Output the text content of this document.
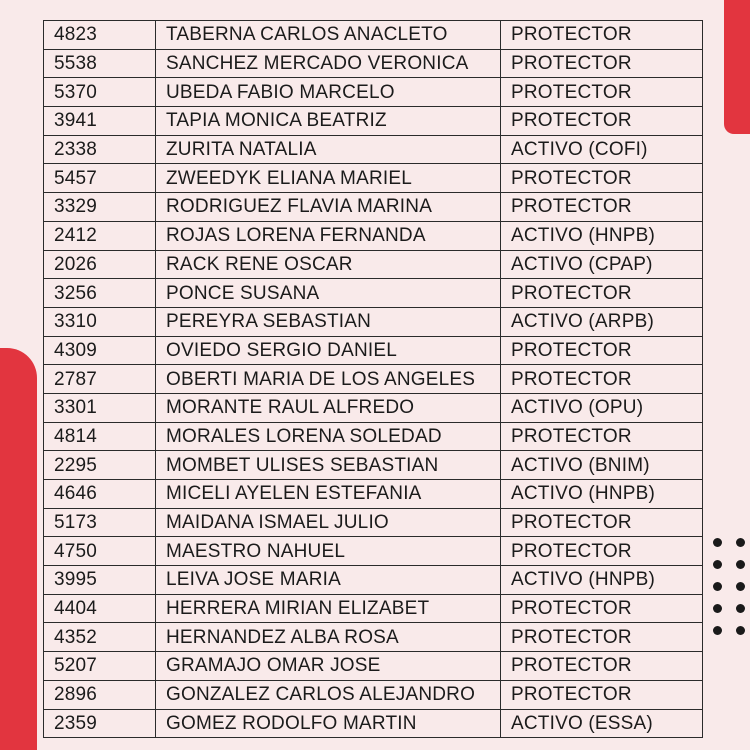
4823	TABERNA CARLOS ANACLETO	PROTECTOR
5538	SANCHEZ MERCADO VERONICA	PROTECTOR
5370	UBEDA FABIO MARCELO	PROTECTOR
3941	TAPIA MONICA BEATRIZ	PROTECTOR
2338	ZURITA NATALIA	ACTIVO (COFI)
5457	ZWEEDYK ELIANA MARIEL	PROTECTOR
3329	RODRIGUEZ FLAVIA MARINA	PROTECTOR
2412	ROJAS LORENA FERNANDA	ACTIVO (HNPB)
2026	RACK RENE OSCAR	ACTIVO (CPAP)
3256	PONCE SUSANA	PROTECTOR
3310	PEREYRA SEBASTIAN	ACTIVO (ARPB)
4309	OVIEDO SERGIO DANIEL	PROTECTOR
2787	OBERTI MARIA DE LOS ANGELES	PROTECTOR
3301	MORANTE RAUL ALFREDO	ACTIVO (OPU)
4814	MORALES LORENA SOLEDAD	PROTECTOR
2295	MOMBET ULISES SEBASTIAN	ACTIVO (BNIM)
4646	MICELI AYELEN ESTEFANIA	ACTIVO (HNPB)
5173	MAIDANA ISMAEL JULIO	PROTECTOR
4750	MAESTRO NAHUEL	PROTECTOR
3995	LEIVA JOSE MARIA	ACTIVO (HNPB)
4404	HERRERA MIRIAN ELIZABET	PROTECTOR
4352	HERNANDEZ ALBA ROSA	PROTECTOR
5207	GRAMAJO OMAR JOSE	PROTECTOR
2896	GONZALEZ CARLOS ALEJANDRO	PROTECTOR
2359	GOMEZ RODOLFO MARTIN	ACTIVO (ESSA)
